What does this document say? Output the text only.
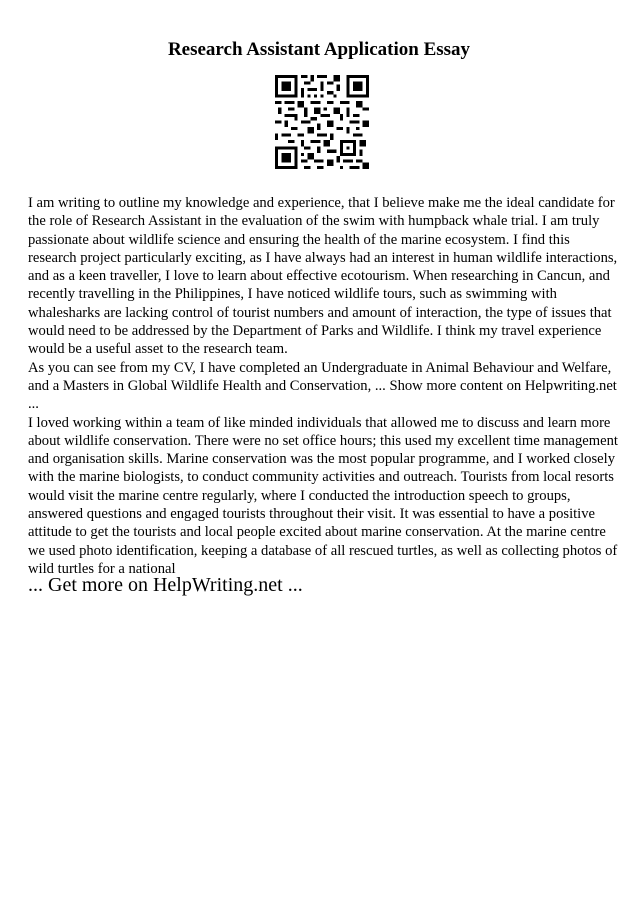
Research Assistant Application Essay

I am writing to outline my knowledge and experience, that I believe make me the ideal candidate for the role of Research Assistant in the evaluation of the swim with humpback whale trial. I am truly passionate about wildlife science and ensuring the health of the marine ecosystem. I find this research project particularly exciting, as I have always had an interest in human wildlife interactions, and as a keen traveller, I love to learn about effective ecotourism. When researching in Cancun, and recently travelling in the Philippines, I have noticed wildlife tours, such as swimming with whalesharks are lacking control of tourist numbers and amount of interaction, the type of issues that would need to be addressed by the Department of Parks and Wildlife. I think my travel experience would be a useful asset to the research team.

As you can see from my CV, I have completed an Undergraduate in Animal Behaviour and Welfare, and a Masters in Global Wildlife Health and Conservation, ... Show more content on Helpwriting.net ...

I loved working within a team of like minded individuals that allowed me to discuss and learn more about wildlife conservation. There were no set office hours; this used my excellent time management and organisation skills. Marine conservation was the most popular programme, and I worked closely with the marine biologists, to conduct community activities and outreach. Tourists from local resorts would visit the marine centre regularly, where I conducted the introduction speech to groups, answered questions and engaged tourists throughout their visit. It was essential to have a positive attitude to get the tourists and local people excited about marine conservation. At the marine centre we used photo identification, keeping a database of all rescued turtles, as well as collecting photos of wild turtles for a national

... Get more on HelpWriting.net ...
